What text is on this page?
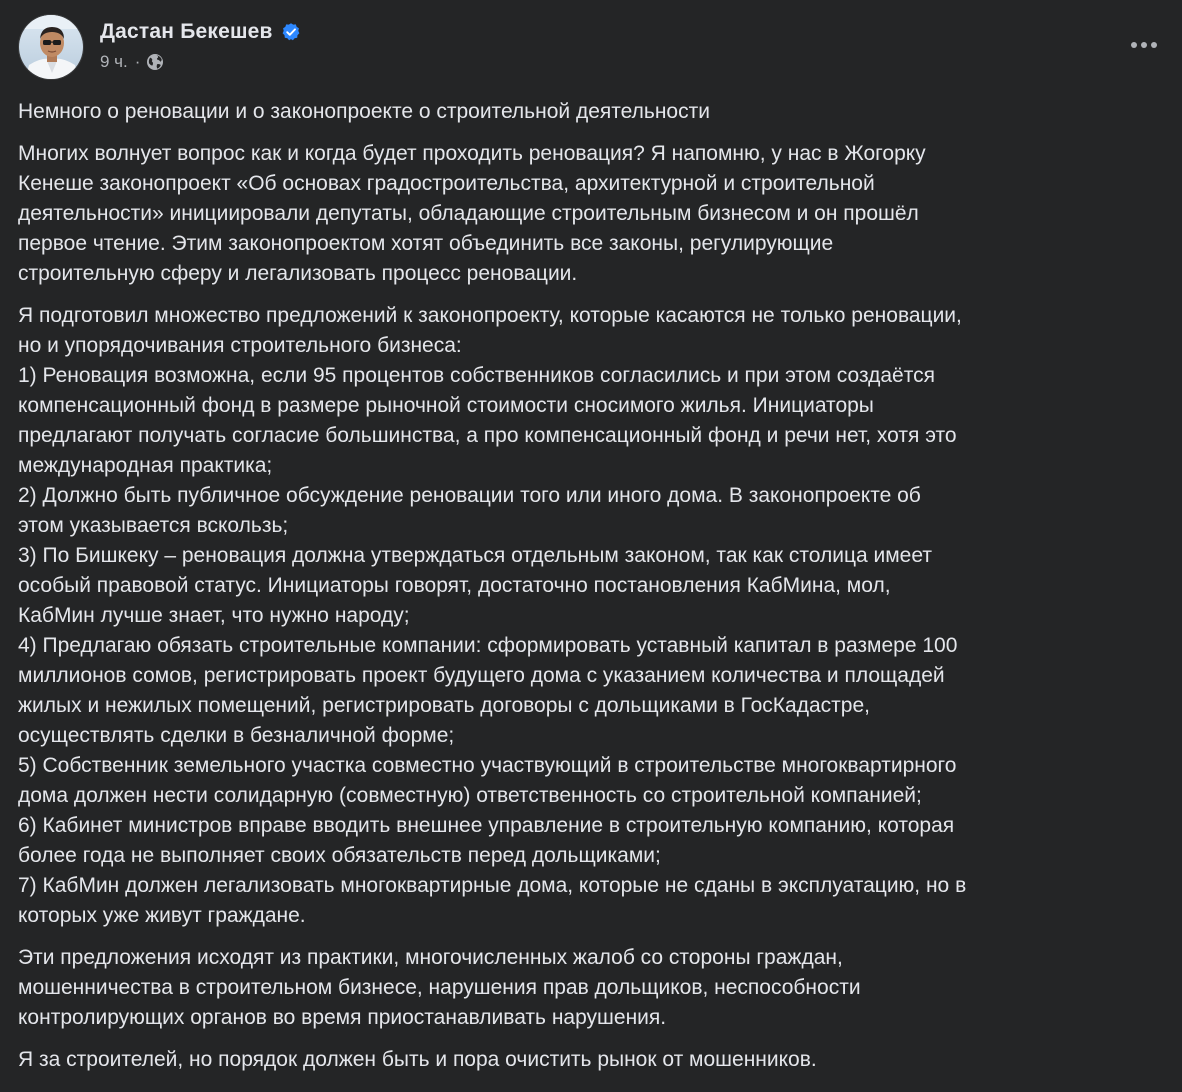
Дастан Бекешев
9 ч. ·

Немного о реновации и о законопроекте о строительной деятельности

Многих волнует вопрос как и когда будет проходить реновация? Я напомню, у нас в Жогорку
Кенеше законопроект «Об основах градостроительства, архитектурной и строительной
деятельности» инициировали депутаты, обладающие строительным бизнесом и он прошёл
первое чтение. Этим законопроектом хотят объединить все законы, регулирующие
строительную сферу и легализовать процесс реновации.

Я подготовил множество предложений к законопроекту, которые касаются не только реновации,
но и упорядочивания строительного бизнеса:
1) Реновация возможна, если 95 процентов собственников согласились и при этом создаётся
компенсационный фонд в размере рыночной стоимости сносимого жилья. Инициаторы
предлагают получать согласие большинства, а про компенсационный фонд и речи нет, хотя это
международная практика;
2) Должно быть публичное обсуждение реновации того или иного дома. В законопроекте об
этом указывается вскользь;
3) По Бишкеку – реновация должна утверждаться отдельным законом, так как столица имеет
особый правовой статус. Инициаторы говорят, достаточно постановления КабМина, мол,
КабМин лучше знает, что нужно народу;
4) Предлагаю обязать строительные компании: сформировать уставный капитал в размере 100
миллионов сомов, регистрировать проект будущего дома с указанием количества и площадей
жилых и нежилых помещений, регистрировать договоры с дольщиками в ГосКадастре,
осуществлять сделки в безналичной форме;
5) Собственник земельного участка совместно участвующий в строительстве многоквартирного
дома должен нести солидарную (совместную) ответственность со строительной компанией;
6) Кабинет министров вправе вводить внешнее управление в строительную компанию, которая
более года не выполняет своих обязательств перед дольщиками;
7) КабМин должен легализовать многоквартирные дома, которые не сданы в эксплуатацию, но в
которых уже живут граждане.

Эти предложения исходят из практики, многочисленных жалоб со стороны граждан,
мошенничества в строительном бизнесе, нарушения прав дольщиков, неспособности
контролирующих органов во время приостанавливать нарушения.

Я за строителей, но порядок должен быть и пора очистить рынок от мошенников.
